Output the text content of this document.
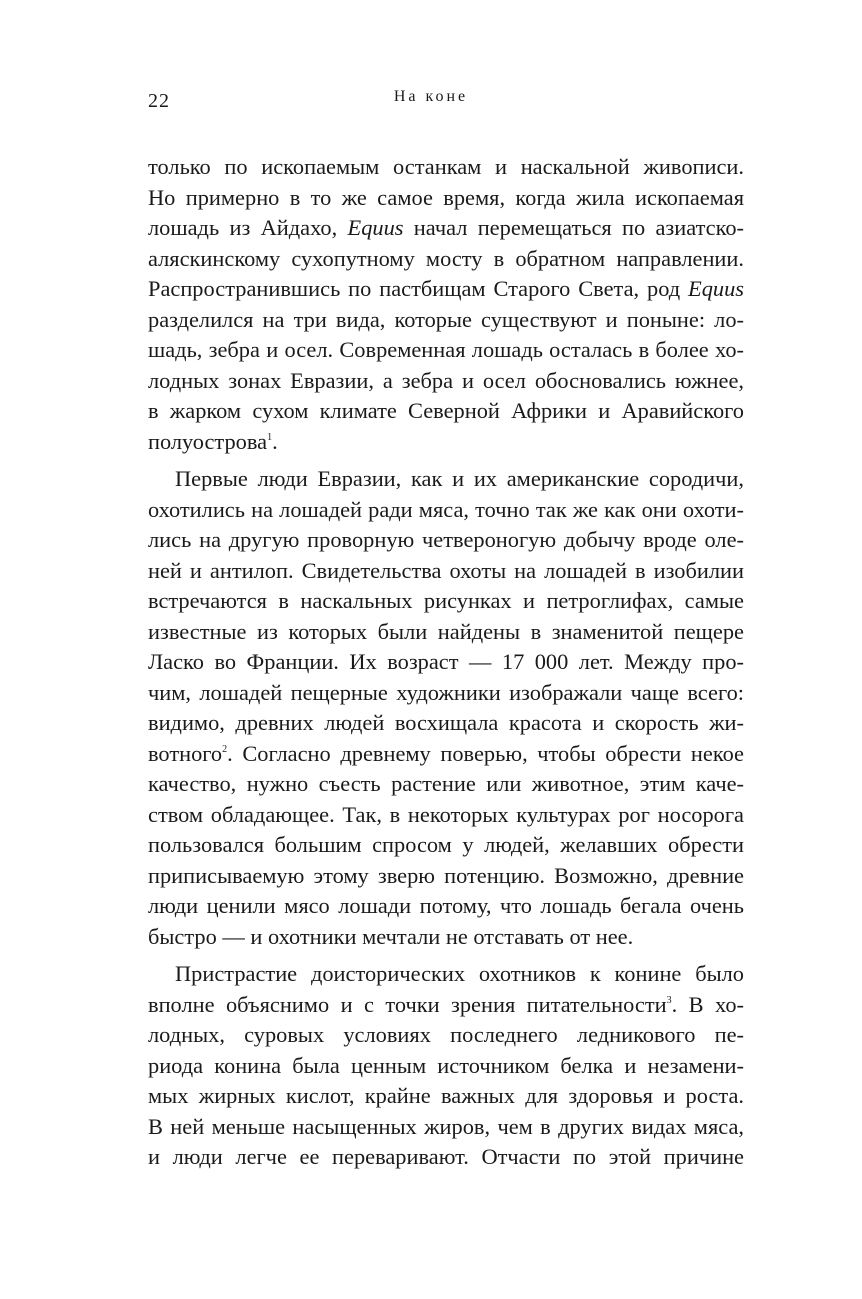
22	На коне
только по ископаемым останкам и наскальной живописи.
Но примерно в то же самое время, когда жила ископаемая
лошадь из Айдахо, Equus начал перемещаться по азиатско-
аляскинскому сухопутному мосту в обратном направлении.
Распространившись по пастбищам Старого Света, род Equus
разделился на три вида, которые существуют и поныне: ло-
шадь, зебра и осел. Современная лошадь осталась в более хо-
лодных зонах Евразии, а зебра и осел обосновались южнее,
в жарком сухом климате Северной Африки и Аравийского
полуострова$^1$.
Первые люди Евразии, как и их американские сородичи,
охотились на лошадей ради мяса, точно так же как они охоти-
лись на другую проворную четвероногую добычу вроде оле-
ней и антилоп. Свидетельства охоты на лошадей в изобилии
встречаются в наскальных рисунках и петроглифах, самые
известные из которых были найдены в знаменитой пещере
Ласко во Франции. Их возраст — 17 000 лет. Между про-
чим, лошадей пещерные художники изображали чаще всего:
видимо, древних людей восхищала красота и скорость жи-
вотного$^2$. Согласно древнему поверью, чтобы обрести некое
качество, нужно съесть растение или животное, этим каче-
ством обладающее. Так, в некоторых культурах рог носорога
пользовался большим спросом у людей, желавших обрести
приписываемую этому зверю потенцию. Возможно, древние
люди ценили мясо лошади потому, что лошадь бегала очень
быстро — и охотники мечтали не отставать от нее.
Пристрастие доисторических охотников к конине было
вполне объяснимо и с точки зрения питательности$^3$. В хо-
лодных, суровых условиях последнего ледникового пе-
риода конина была ценным источником белка и незамени-
мых жирных кислот, крайне важных для здоровья и роста.
В ней меньше насыщенных жиров, чем в других видах мяса,
и люди легче ее переваривают. Отчасти по этой причине
